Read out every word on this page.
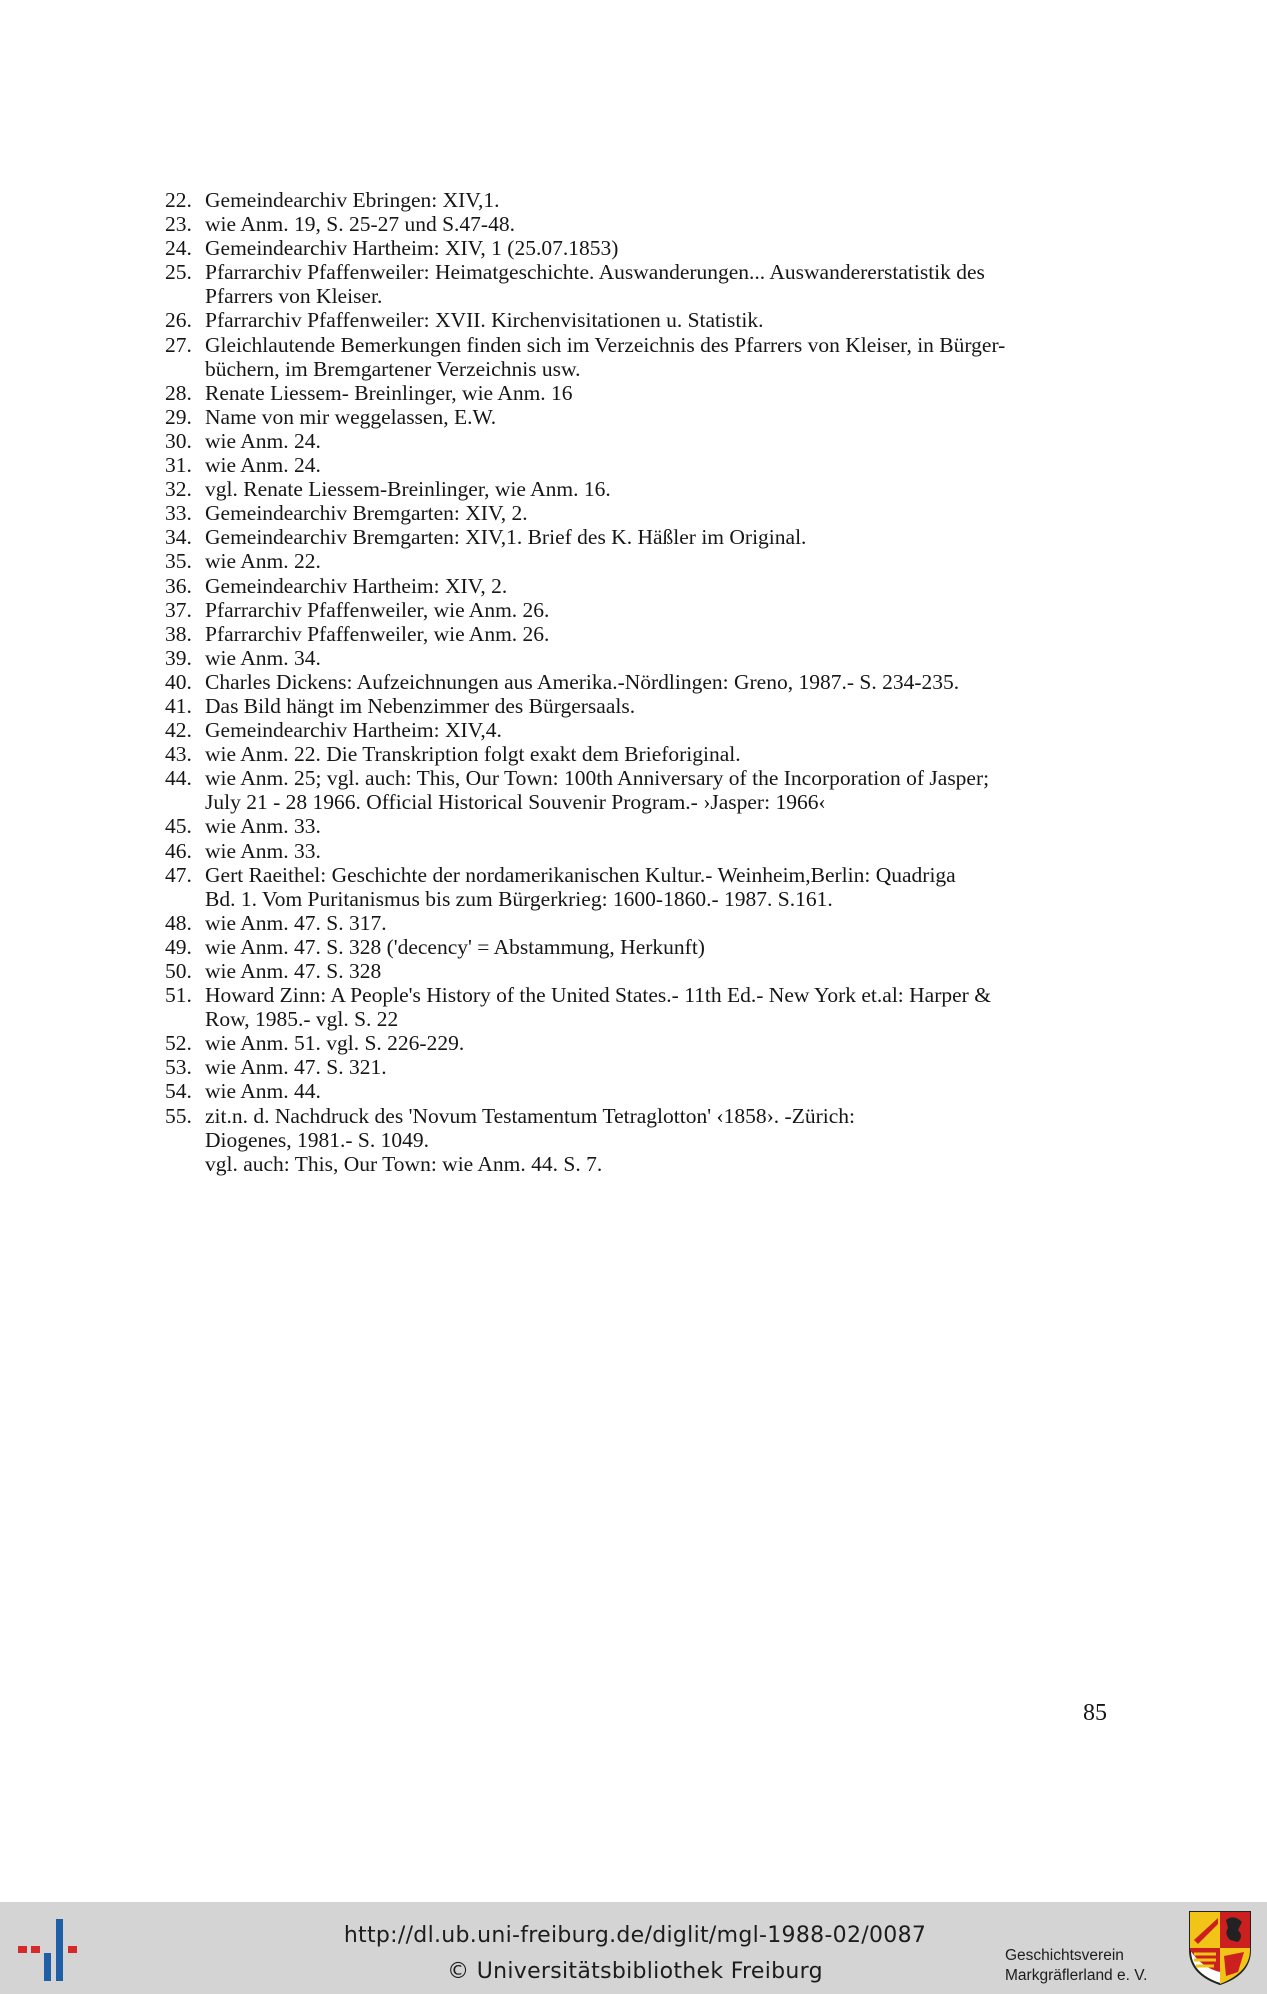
22. Gemeindearchiv Ebringen: XIV,1.
23. wie Anm. 19, S. 25-27 und S.47-48.
24. Gemeindearchiv Hartheim: XIV, 1 (25.07.1853)
25. Pfarrarchiv Pfaffenweiler: Heimatgeschichte. Auswanderungen... Auswandererstatistik des
Pfarrers von Kleiser.
26. Pfarrarchiv Pfaffenweiler: XVII. Kirchenvisitationen u. Statistik.
27. Gleichlautende Bemerkungen finden sich im Verzeichnis des Pfarrers von Kleiser, in Bürger-
büchern, im Bremgartener Verzeichnis usw.
28. Renate Liessem- Breinlinger, wie Anm. 16
29. Name von mir weggelassen, E.W.
30. wie Anm. 24.
31. wie Anm. 24.
32. vgl. Renate Liessem-Breinlinger, wie Anm. 16.
33. Gemeindearchiv Bremgarten: XIV, 2.
34. Gemeindearchiv Bremgarten: XIV,1. Brief des K. Häßler im Original.
35. wie Anm. 22.
36. Gemeindearchiv Hartheim: XIV, 2.
37. Pfarrarchiv Pfaffenweiler, wie Anm. 26.
38. Pfarrarchiv Pfaffenweiler, wie Anm. 26.
39. wie Anm. 34.
40. Charles Dickens: Aufzeichnungen aus Amerika.-Nördlingen: Greno, 1987.- S. 234-235.
41. Das Bild hängt im Nebenzimmer des Bürgersaals.
42. Gemeindearchiv Hartheim: XIV,4.
43. wie Anm. 22. Die Transkription folgt exakt dem Brieforiginal.
44. wie Anm. 25; vgl. auch: This, Our Town: 100th Anniversary of the Incorporation of Jasper;
July 21 - 28 1966. Official Historical Souvenir Program.- ›Jasper: 1966‹
45. wie Anm. 33.
46. wie Anm. 33.
47. Gert Raeithel: Geschichte der nordamerikanischen Kultur.- Weinheim,Berlin: Quadriga
Bd. 1. Vom Puritanismus bis zum Bürgerkrieg: 1600-1860.- 1987. S.161.
48. wie Anm. 47. S. 317.
49. wie Anm. 47. S. 328 ('decency' = Abstammung, Herkunft)
50. wie Anm. 47. S. 328
51. Howard Zinn: A People's History of the United States.- 11th Ed.- New York et.al: Harper &
Row, 1985.- vgl. S. 22
52. wie Anm. 51. vgl. S. 226-229.
53. wie Anm. 47. S. 321.
54. wie Anm. 44.
55. zit.n. d. Nachdruck des 'Novum Testamentum Tetraglotton' ‹1858›. -Zürich:
Diogenes, 1981.- S. 1049.
vgl. auch: This, Our Town: wie Anm. 44. S. 7.
85
http://dl.ub.uni-freiburg.de/diglit/mgl-1988-02/0087
© Universitätsbibliothek Freiburg
Geschichtsverein
Markgräflerland e. V.
